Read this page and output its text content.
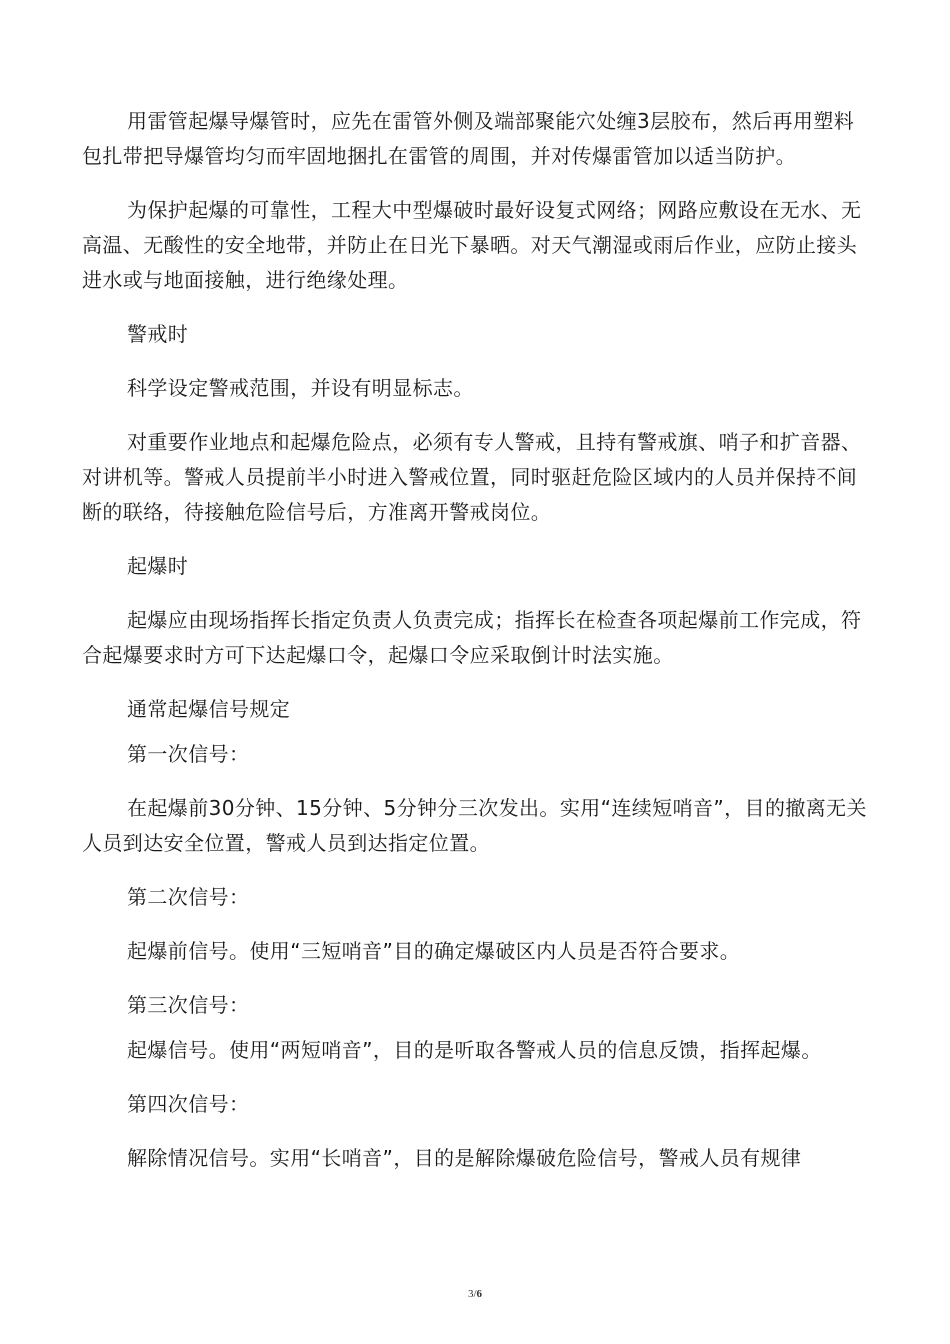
用雷管起爆导爆管时，应先在雷管外侧及端部聚能穴处缠3层胶布，然后再用塑料包扎带把导爆管均匀而牢固地捆扎在雷管的周围，并对传爆雷管加以适当防护。

为保护起爆的可靠性，工程大中型爆破时最好设复式网络；网路应敷设在无水、无高温、无酸性的安全地带，并防止在日光下暴晒。对天气潮湿或雨后作业，应防止接头进水或与地面接触，进行绝缘处理。

警戒时

科学设定警戒范围，并设有明显标志。

对重要作业地点和起爆危险点，必须有专人警戒，且持有警戒旗、哨子和扩音器、对讲机等。警戒人员提前半小时进入警戒位置，同时驱赶危险区域内的人员并保持不间断的联络，待接触危险信号后，方准离开警戒岗位。

起爆时

起爆应由现场指挥长指定负责人负责完成；指挥长在检查各项起爆前工作完成，符合起爆要求时方可下达起爆口令，起爆口令应采取倒计时法实施。

通常起爆信号规定

第一次信号：

在起爆前30分钟、15分钟、5分钟分三次发出。实用“连续短哨音”，目的撤离无关人员到达安全位置，警戒人员到达指定位置。

第二次信号：

起爆前信号。使用“三短哨音”目的确定爆破区内人员是否符合要求。

第三次信号：

起爆信号。使用“两短哨音”，目的是听取各警戒人员的信息反馈，指挥起爆。

第四次信号：

解除情况信号。实用“长哨音”，目的是解除爆破危险信号，警戒人员有规律

3/6
